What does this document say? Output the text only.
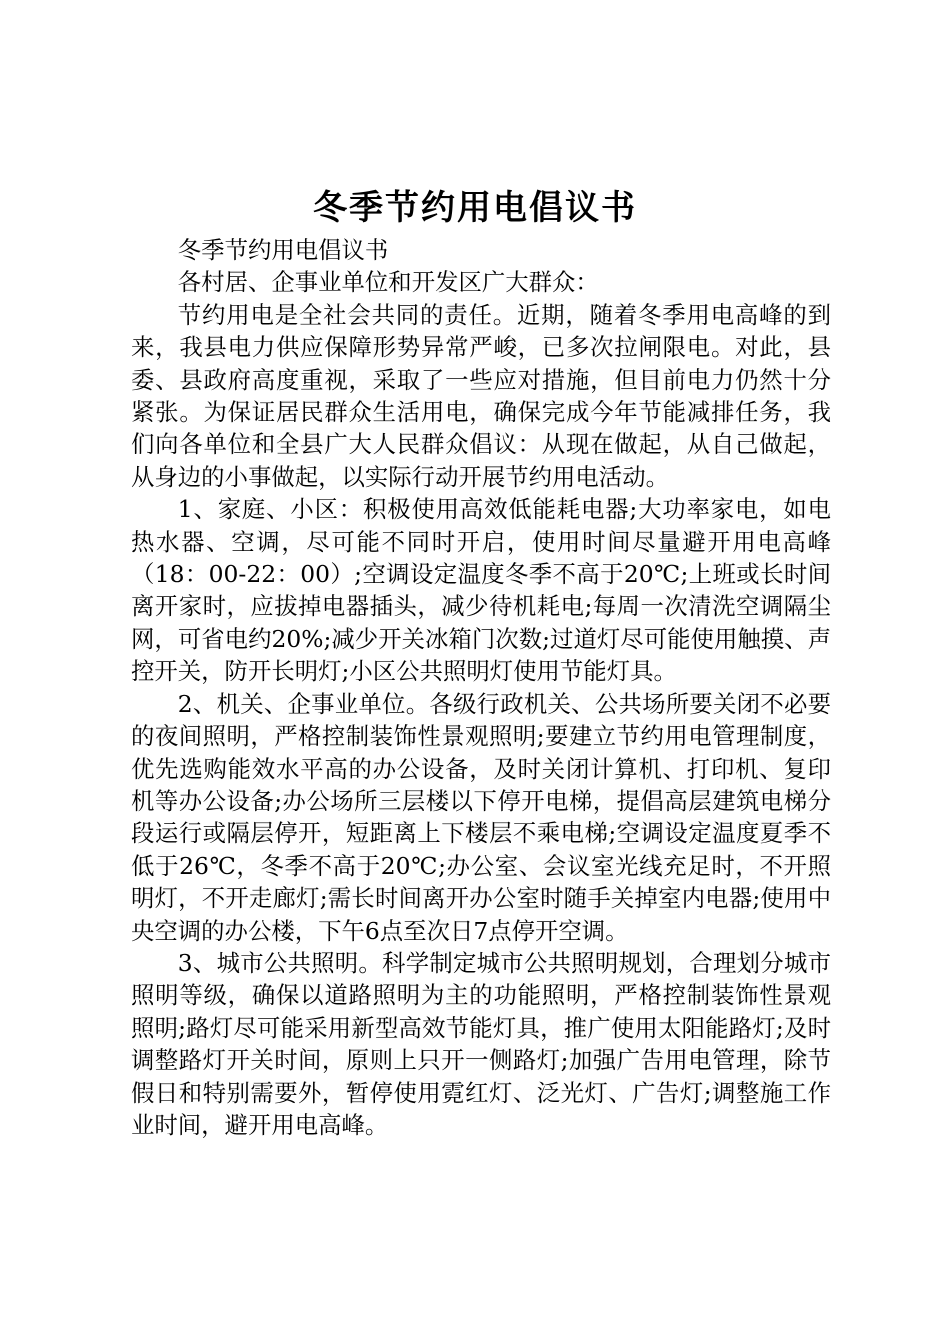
冬季节约用电倡议书

冬季节约用电倡议书

各村居、企事业单位和开发区广大群众：

节约用电是全社会共同的责任。近期，随着冬季用电高峰的到来，我县电力供应保障形势异常严峻，已多次拉闸限电。对此，县委、县政府高度重视，采取了一些应对措施，但目前电力仍然十分紧张。为保证居民群众生活用电，确保完成今年节能减排任务，我们向各单位和全县广大人民群众倡议：从现在做起，从自己做起，从身边的小事做起，以实际行动开展节约用电活动。

1、家庭、小区：积极使用高效低能耗电器;大功率家电，如电热水器、空调，尽可能不同时开启，使用时间尽量避开用电高峰（18：00-22：00）;空调设定温度冬季不高于20℃;上班或长时间离开家时，应拔掉电器插头，减少待机耗电;每周一次清洗空调隔尘网，可省电约20%;减少开关冰箱门次数;过道灯尽可能使用触摸、声控开关，防开长明灯;小区公共照明灯使用节能灯具。

2、机关、企事业单位。各级行政机关、公共场所要关闭不必要的夜间照明，严格控制装饰性景观照明;要建立节约用电管理制度，优先选购能效水平高的办公设备，及时关闭计算机、打印机、复印机等办公设备;办公场所三层楼以下停开电梯，提倡高层建筑电梯分段运行或隔层停开，短距离上下楼层不乘电梯;空调设定温度夏季不低于26℃，冬季不高于20℃;办公室、会议室光线充足时，不开照明灯，不开走廊灯;需长时间离开办公室时随手关掉室内电器;使用中央空调的办公楼，下午6点至次日7点停开空调。

3、城市公共照明。科学制定城市公共照明规划，合理划分城市照明等级，确保以道路照明为主的功能照明，严格控制装饰性景观照明;路灯尽可能采用新型高效节能灯具，推广使用太阳能路灯;及时调整路灯开关时间，原则上只开一侧路灯;加强广告用电管理，除节假日和特别需要外，暂停使用霓红灯、泛光灯、广告灯;调整施工作业时间，避开用电高峰。
